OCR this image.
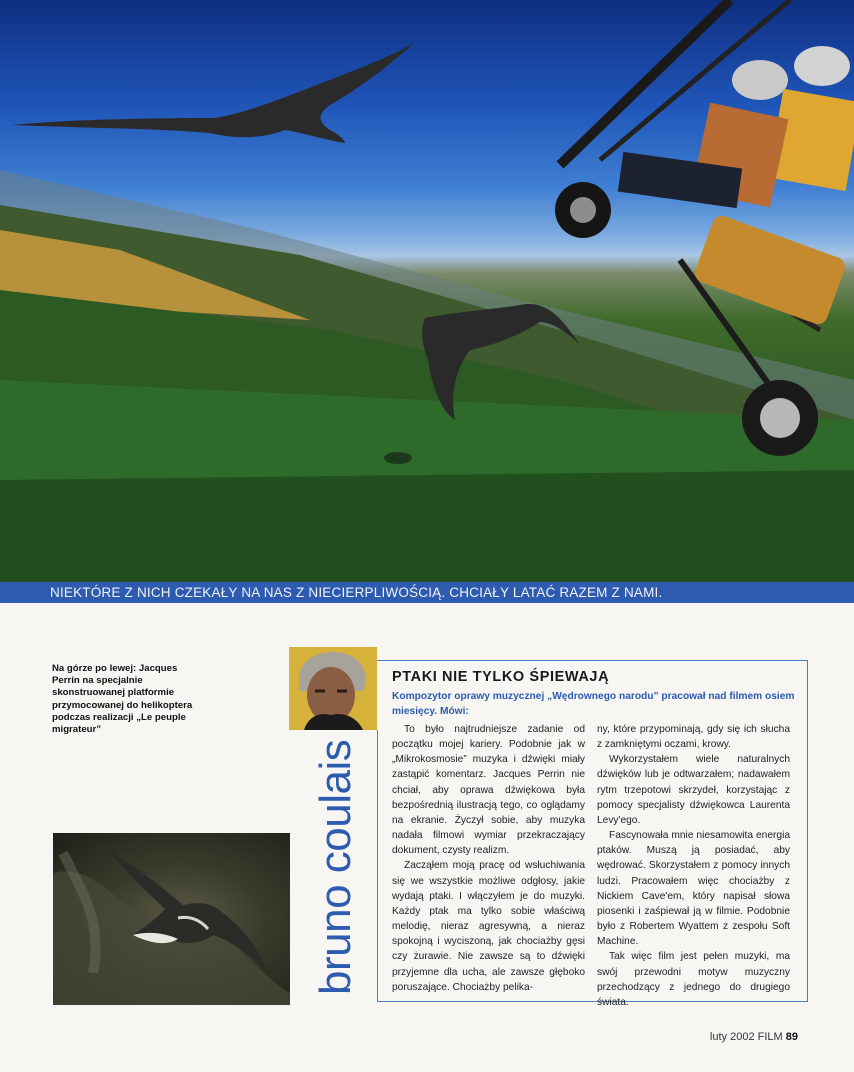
NIEKTÓRE Z NICH CZEKAŁY NA NAS Z NIECIERPLIWOŚCIĄ. CHCIAŁY LATAĆ RAZEM Z NAMI.
Na górze po lewej: Jacques Perrin na specjalnie skonstruowanej platformie przymocowanej do helikoptera podczas realizacji „Le peuple migrateur”
bruno coulais
PTAKI NIE TYLKO ŚPIEWAJĄ
Kompozytor oprawy muzycznej „Wędrownego narodu” pracował nad filmem osiem miesięcy. Mówi:

To było najtrudniejsze zadanie od początku mojej kariery. Podobnie jak w „Mikrokosmosie” muzyka i dźwięki miały zastąpić komentarz. Jacques Perrin nie chciał, aby oprawa dźwiękowa była bezpośrednią ilustracją tego, co oglądamy na ekranie. Życzył sobie, aby muzyka nadała filmowi wymiar przekraczający dokument, czysty realizm.

Zacząłem moją pracę od wsłuchiwania się we wszystkie możliwe odgłosy, jakie wydają ptaki. I włączyłem je do muzyki. Każdy ptak ma tylko sobie właściwą melodię, nieraz agresywną, a nieraz spokojną i wyciszoną, jak chociażby gęsi czy żurawie. Nie zawsze są to dźwięki przyjemne dla ucha, ale zawsze głęboko poruszające. Chociażby pelika-

ny, które przypominają, gdy się ich słucha z zamkniętymi oczami, krowy.

Wykorzystałem wiele naturalnych dźwięków lub je odtwarzałem; nadawałem rytm trzepotowi skrzydeł, korzystając z pomocy specjalisty dźwiękowca Laurenta Levy'ego.

Fascynowała mnie niesamowita energia ptaków. Muszą ją posiadać, aby wędrować. Skorzystałem z pomocy innych ludzi. Pracowałem więc chociażby z Nickiem Cave'em, który napisał słowa piosenki i zaśpiewał ją w filmie. Podobnie było z Robertem Wyattem z zespołu Soft Machine.

Tak więc film jest pełen muzyki, ma swój przewodni motyw muzyczny przechodzący z jednego do drugiego świata.

luty 2002 FILM 89
